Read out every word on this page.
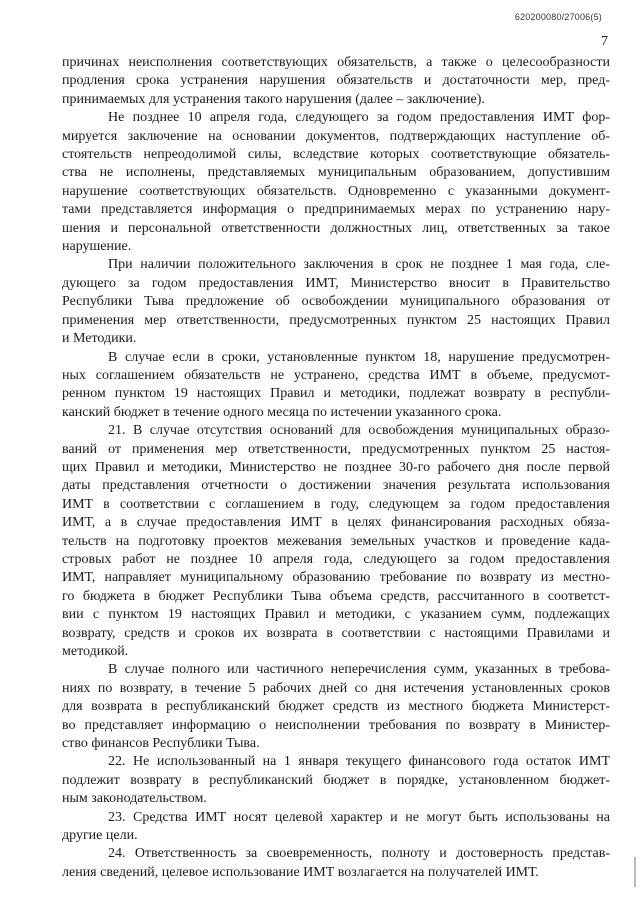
620200080/27006(5)
7
причинах неисполнения соответствующих обязательств, а также о целесообразности
продления срока устранения нарушения обязательств и достаточности мер, пред-
принимаемых для устранения такого нарушения (далее – заключение).
Не позднее 10 апреля года, следующего за годом предоставления ИМТ фор-
мируется заключение на основании документов, подтверждающих наступление об-
стоятельств непреодолимой силы, вследствие которых соответствующие обязатель-
ства не исполнены, представляемых муниципальным образованием, допустившим
нарушение соответствующих обязательств. Одновременно с указанными документ-
тами представляется информация о предпринимаемых мерах по устранению нару-
шения и персональной ответственности должностных лиц, ответственных за такое
нарушение.
При наличии положительного заключения в срок не позднее 1 мая года, сле-
дующего за годом предоставления ИМТ, Министерство вносит в Правительство
Республики Тыва предложение об освобождении муниципального образования от
применения мер ответственности, предусмотренных пунктом 25 настоящих Правил
и Методики.
В случае если в сроки, установленные пунктом 18, нарушение предусмотрен-
ных соглашением обязательств не устранено, средства ИМТ в объеме, предусмот-
ренном пунктом 19 настоящих Правил и методики, подлежат возврату в республи-
канский бюджет в течение одного месяца по истечении указанного срока.
21. В случае отсутствия оснований для освобождения муниципальных образо-
ваний от применения мер ответственности, предусмотренных пунктом 25 настоя-
щих Правил и методики, Министерство не позднее 30-го рабочего дня после первой
даты представления отчетности о достижении значения результата использования
ИМТ в соответствии с соглашением в году, следующем за годом предоставления
ИМТ, а в случае предоставления ИМТ в целях финансирования расходных обяза-
тельств на подготовку проектов межевания земельных участков и проведение када-
стровых работ не позднее 10 апреля года, следующего за годом предоставления
ИМТ, направляет муниципальному образованию требование по возврату из местно-
го бюджета в бюджет Республики Тыва объема средств, рассчитанного в соответст-
вии с пунктом 19 настоящих Правил и методики, с указанием сумм, подлежащих
возврату, средств и сроков их возврата в соответствии с настоящими Правилами и
методикой.
В случае полного или частичного неперечисления сумм, указанных в требова-
ниях по возврату, в течение 5 рабочих дней со дня истечения установленных сроков
для возврата в республиканский бюджет средств из местного бюджета Министерст-
во представляет информацию о неисполнении требования по возврату в Министер-
ство финансов Республики Тыва.
22. Не использованный на 1 января текущего финансового года остаток ИМТ
подлежит возврату в республиканский бюджет в порядке, установленном бюджет-
ным законодательством.
23. Средства ИМТ носят целевой характер и не могут быть использованы на
другие цели.
24. Ответственность за своевременность, полноту и достоверность представ-
ления сведений, целевое использование ИМТ возлагается на получателей ИМТ.
